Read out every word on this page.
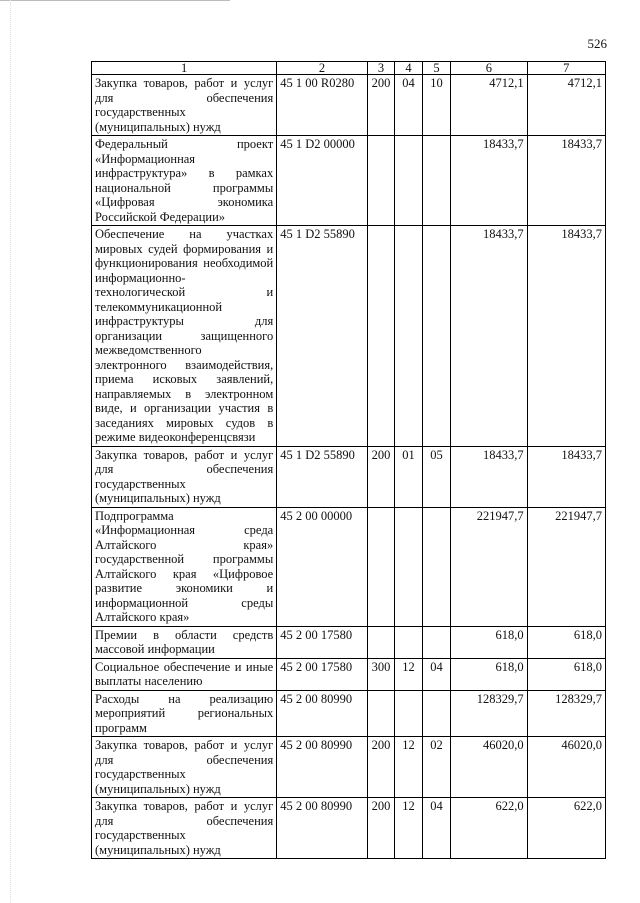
526
1	2	3	4	5	6	7
Закупка товаров, работ и услуг для обеспечения государственных (муниципальных) нужд	45 1 00 R0280	200	04	10	4712,1	4712,1
Федеральный проект «Информационная инфраструктура» в рамках национальной программы «Цифровая экономика Российской Федерации»	45 1 D2 00000				18433,7	18433,7
Обеспечение на участках мировых судей формирования и функционирования необходимой информационно-технологической и телекоммуникационной инфраструктуры для организации защищенного межведомственного электронного взаимодействия, приема исковых заявлений, направляемых в электронном виде, и организации участия в заседаниях мировых судов в режиме видеоконференцсвязи	45 1 D2 55890				18433,7	18433,7
Закупка товаров, работ и услуг для обеспечения государственных (муниципальных) нужд	45 1 D2 55890	200	01	05	18433,7	18433,7
Подпрограмма «Информационная среда Алтайского края» государственной программы Алтайского края «Цифровое развитие экономики и информационной среды Алтайского края»	45 2 00 00000				221947,7	221947,7
Премии в области средств массовой информации	45 2 00 17580				618,0	618,0
Социальное обеспечение и иные выплаты населению	45 2 00 17580	300	12	04	618,0	618,0
Расходы на реализацию мероприятий региональных программ	45 2 00 80990				128329,7	128329,7
Закупка товаров, работ и услуг для обеспечения государственных (муниципальных) нужд	45 2 00 80990	200	12	02	46020,0	46020,0
Закупка товаров, работ и услуг для обеспечения государственных (муниципальных) нужд	45 2 00 80990	200	12	04	622,0	622,0
